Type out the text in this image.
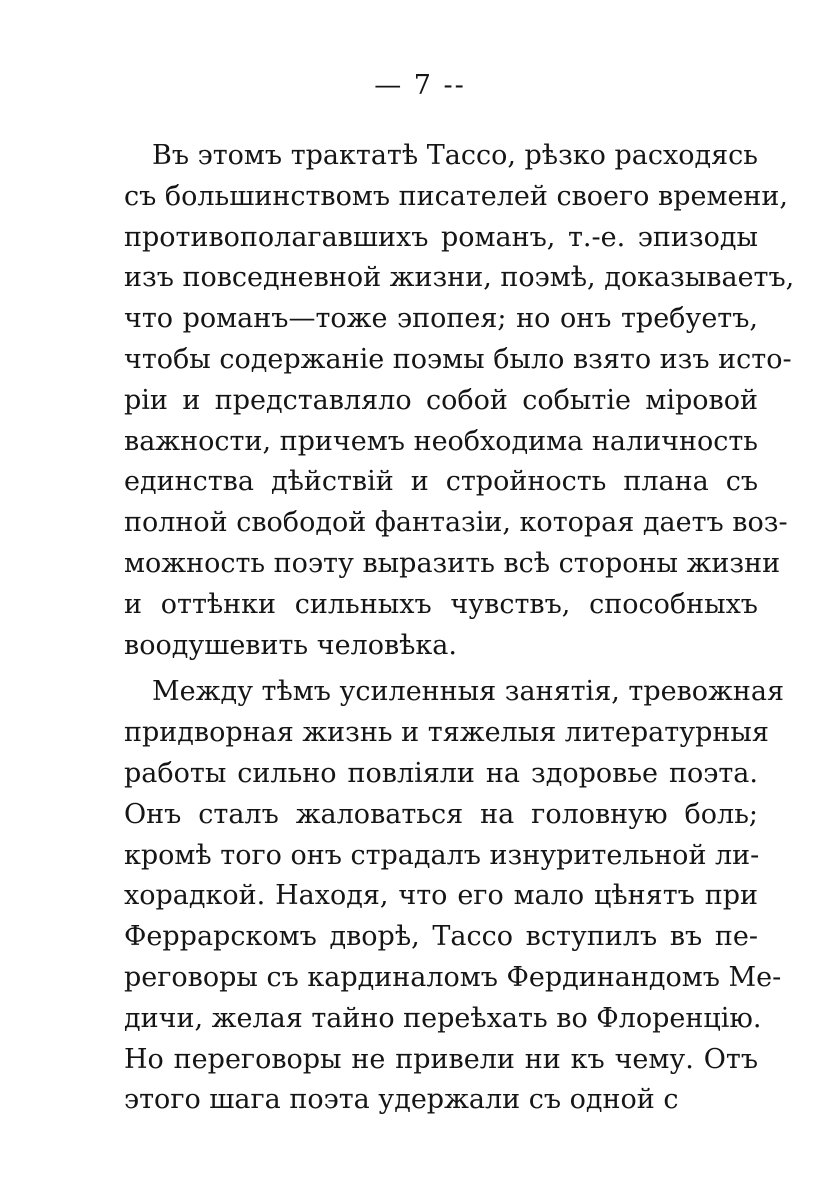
— 7 --
Въ этомъ трактатѣ Тассо, рѣзко расходясь
съ большинствомъ писателей своего времени,
противополагавшихъ романъ, т.-е. эпизоды
изъ повседневной жизни, поэмѣ, доказываетъ,
что романъ—тоже эпопея; но онъ требуетъ,
чтобы содержаніе поэмы было взято изъ исто-
ріи и представляло собой событіе міровой
важности, причемъ необходима наличность
единства дѣйствій и стройность плана съ
полной свободой фантазіи, которая даетъ воз-
можность поэту выразить всѣ стороны жизни
и оттѣнки сильныхъ чувствъ, способныхъ
воодушевить человѣка.
Между тѣмъ усиленныя занятія, тревожная
придворная жизнь и тяжелыя литературныя
работы сильно повліяли на здоровье поэта.
Онъ сталъ жаловаться на головную боль;
кромѣ того онъ страдалъ изнурительной ли-
хорадкой. Находя, что его мало цѣнятъ при
Феррарскомъ дворѣ, Тассо вступилъ въ пе-
реговоры съ кардиналомъ Фердинандомъ Ме-
дичи, желая тайно переѣхать во Флоренцію.
Но переговоры не привели ни къ чему. Отъ
этого шага поэта удержали съ одной с
